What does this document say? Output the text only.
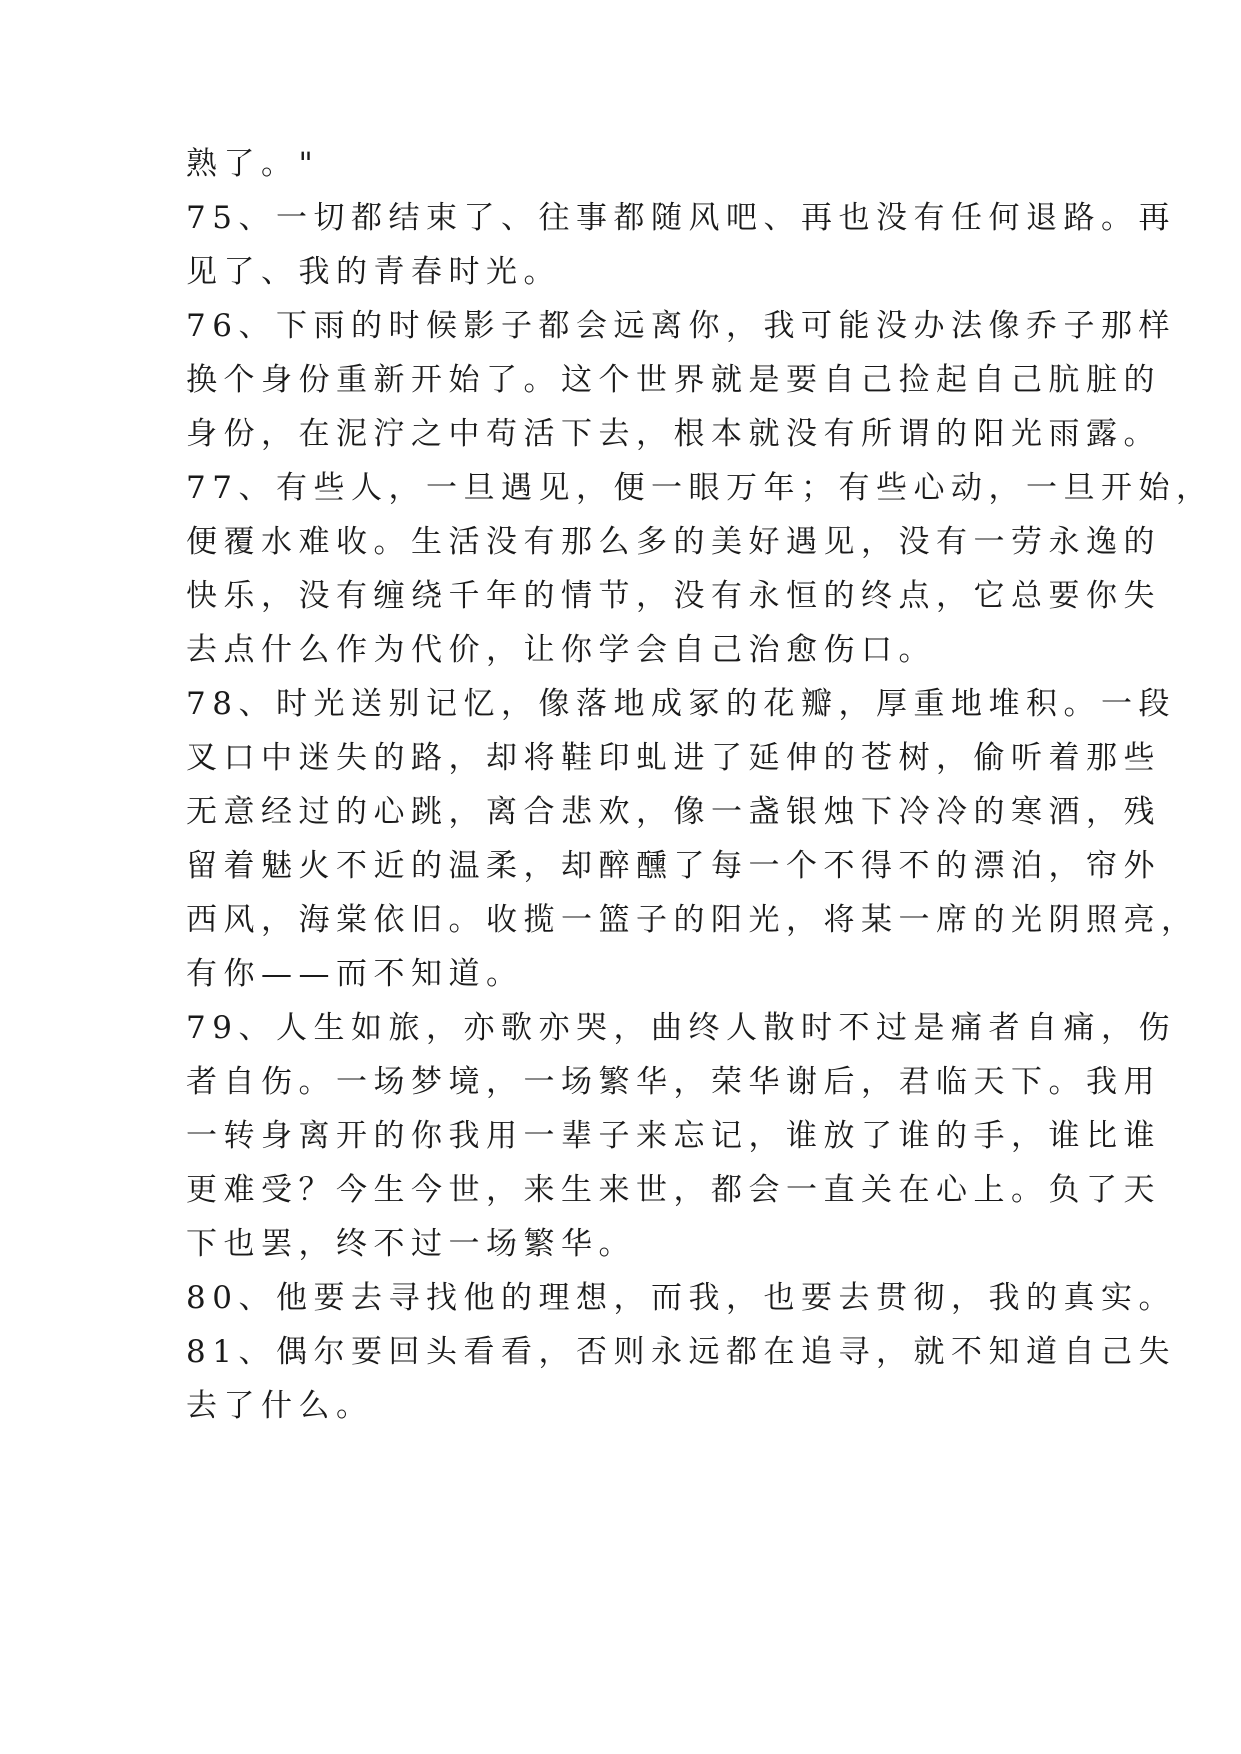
熟了。"
75、一切都结束了、往事都随风吧、再也没有任何退路。再
见了、我的青春时光。
76、下雨的时候影子都会远离你，我可能没办法像乔子那样
换个身份重新开始了。这个世界就是要自己捡起自己肮脏的
身份，在泥泞之中苟活下去，根本就没有所谓的阳光雨露。
77、有些人，一旦遇见，便一眼万年；有些心动，一旦开始，
便覆水难收。生活没有那么多的美好遇见，没有一劳永逸的
快乐，没有缠绕千年的情节，没有永恒的终点，它总要你失
去点什么作为代价，让你学会自己治愈伤口。
78、时光送别记忆，像落地成冢的花瓣，厚重地堆积。一段
叉口中迷失的路，却将鞋印虬进了延伸的苍树，偷听着那些
无意经过的心跳，离合悲欢，像一盏银烛下冷冷的寒酒，残
留着魅火不近的温柔，却醉醺了每一个不得不的漂泊，帘外
西风，海棠依旧。收揽一篮子的阳光，将某一席的光阴照亮，
有你——而不知道。
79、人生如旅，亦歌亦哭，曲终人散时不过是痛者自痛，伤
者自伤。一场梦境，一场繁华，荣华谢后，君临天下。我用
一转身离开的你我用一辈子来忘记，谁放了谁的手，谁比谁
更难受？今生今世，来生来世，都会一直关在心上。负了天
下也罢，终不过一场繁华。
80、他要去寻找他的理想，而我，也要去贯彻，我的真实。
81、偶尔要回头看看，否则永远都在追寻，就不知道自己失
去了什么。
